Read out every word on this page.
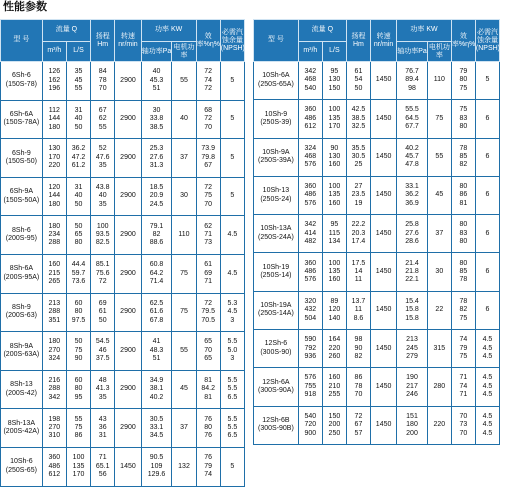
性能参数
型 号	流量 Q		扬程Hm	转速nr/min	功率 KW		效率%η%	必需汽蚀余量(NPSH)m
	m³/h	L/S			轴功率Pa	电机功率		

6Sh-6
(150S-78)	126
162
196	35
45
55	84
78
70	2900	40
45.3
51	55	72
74
72	5

6Sh-6A
(150S-78A)	112
144
180	31
40
50	67
62
55	2900	30
33.8
38.5	40	68
72
70	5

6Sh-9
(150S-50)	130
170
220	36.2
47.2
61.2	52
47.6
35	2900	25.3
27.6
31.3	37	73.9
79.8
67	5

6Sh-9A
(150S-50A)	120
144
180	31
40
50	43.8
40
35	2900	18.5
20.9
24.5	30	72
75
70	5

8Sh-6
(200S-95)	180
234
288	50
65
80	100
93.5
82.5	2900	79.1
82
88.6	110	62
71
73	4.5

8Sh-6A
(200S-95A)	160
215
265	44.4
59.7
73.6	85.1
75.6
72	2900	60.8
64.2
71.4	75	61
69
71	4.5

8Sh-9
(200S-63)	213
288
351	60
80
97.5	69
61
50	2900	62.5
61.6
67.8	75	72
79.5
70.5	5.3
4.5
3

8Sh-9A
(200S-63A)	180
270
324	50
75
90	54.5
46
37.5	2900	41
48.3
51	55	65
70
65	5.5
5.0
3

8Sh-13
(200S-42)	216
288
342	60
80
95	48
41.3
35	2900	34.9
38.1
40.2	45	81
84.2
81	5.5
5.5
6.5

8Sh-13A
(200S-42A)	198
270
310	55
75
86	43
36
31	2900	30.5
33.1
34.5	37	76
80
76	5.5
5.5
6.5

10Sh-6
(250S-65)	360
486
612	100
135
170	71
65.1
56	1450	90.5
109
129.6	132	76
79
74	5
型 号	流量 Q		扬程Hm	转速nr/min	功率 KW		效率%η%	必需汽蚀余量(NPSH)m
	m³/h	L/S			轴功率Pa	电机功率		

10Sh-6A
(250S-65A)	342
468
540	95
130
150	61
54
50	1450	76.7
89.4
98	110	79
80
75	5

10Sh-9
(250S-39)	360
486
612	100
135
170	42.5
38.5
32.5	1450	55.5
64.5
67.7	75	75
83
80	6

10Sh-9A
(250S-39A)	324
468
576	90
130
160	35.5
30.5
25	1450	40.2
45.7
47.8	55	78
85
82	6

10Sh-13
(250S-24)	360
486
576	100
135
160	27
23.5
19	1450	33.1
36.2
36.9	45	80
86
81	6

10Sh-13A
(250S-24A)	342
414
482	95
115
134	22.2
20.3
17.4	1450	25.8
27.6
28.6	37	80
83
80	6

10Sh-19
(250S-14)	360
486
576	100
135
160	17.5
14
11	1450	21.4
21.8
22.1	30	80
85
78	6

10Sh-19A
(250S-14A)	320
432
504	89
120
140	13.7
11
8.6	1450	15.4
15.8
15.8	22	78
82
75	6

12Sh-6
(300S-90)	590
792
936	164
220
260	98
90
82	1450	213
245
279	315	74
79
75	4.5
4.5
4.5

12Sh-6A
(300S-90A)	576
755
918	160
210
255	86
78
70	1450	190
217
246	280	71
74
71	4.5
4.5
4.5

12Sh-6B
(300S-90B)	540
720
900	150
200
250	72
67
57	1450	151
180
200	220	70
73
70	4.5
4.5
4.5
